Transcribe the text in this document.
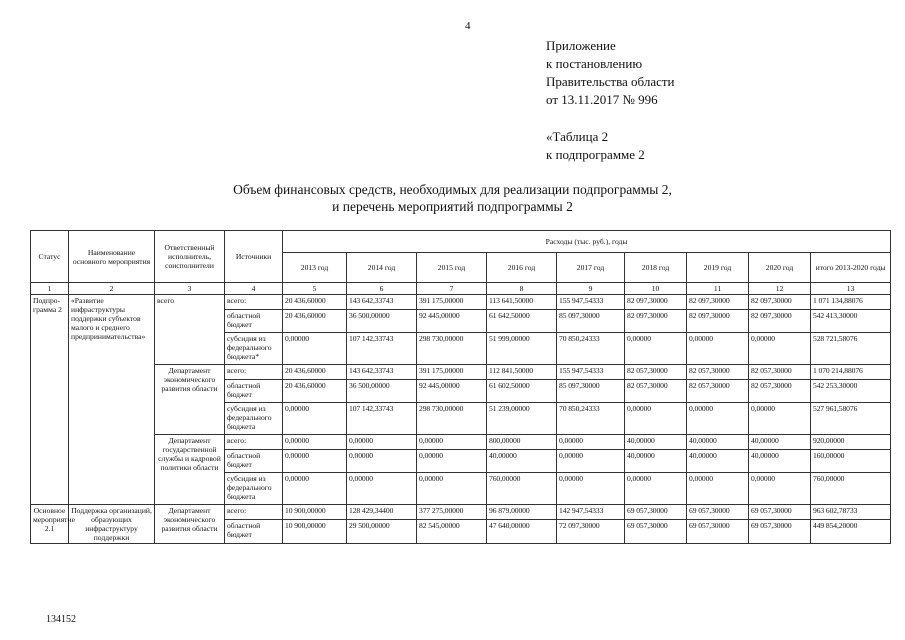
4
Приложение
к постановлению
Правительства области
от 13.11.2017 № 996
«Таблица 2
к подпрограмме 2
Объем финансовых средств, необходимых для реализации подпрограммы 2,
и перечень мероприятий подпрограммы 2
Статус	Наименование основного мероприятия	Ответственный исполнитель, соисполнители	Источники	Расходы (тыс. руб.), годы								
				2013 год	2014 год	2015 год	2016 год	2017 год	2018 год	2019 год	2020 год	итого 2013-2020 годы
1	2	3	4	5	6	7	8	9	10	11	12	13
Подпро-грамма 2	«Развитие инфраструктуры поддержки субъектов малого и среднего предпринимательства»	всего	всего:	20 436,60000	143 642,33743	391 175,00000	113 641,50000	155 947,54333	82 097,30000	82 097,30000	82 097,30000	1 071 134,88076
			областной бюджет	20 436,60000	36 500,00000	92 445,00000	61 642,50000	85 097,30000	82 097,30000	82 097,30000	82 097,30000	542 413,30000
			субсидия из федерального бюджета*	0,00000	107 142,33743	298 730,00000	51 999,00000	70 850,24333	0,00000	0,00000	0,00000	528 721,58076
		Департамент экономического развития области	всего:	20 436,60000	143 642,33743	391 175,00000	112 841,50000	155 947,54333	82 057,30000	82 057,30000	82 057,30000	1 070 214,88076
			областной бюджет	20 436,60000	36 500,00000	92 445,00000	61 602,50000	85 097,30000	82 057,30000	82 057,30000	82 057,30000	542 253,30000
			субсидия из федерального бюджета	0,00000	107 142,33743	298 730,00000	51 239,00000	70 850,24333	0,00000	0,00000	0,00000	527 961,58076
		Департамент государственной службы и кадровой политики области	всего:	0,00000	0,00000	0,00000	800,00000	0,00000	40,00000	40,00000	40,00000	920,00000
			областной бюджет	0,00000	0,00000	0,00000	40,00000	0,00000	40,00000	40,00000	40,00000	160,00000
			субсидия из федерального бюджета	0,00000	0,00000	0,00000	760,00000	0,00000	0,00000	0,00000	0,00000	760,00000
Основное мероприятие 2.1	Поддержка организаций, образующих инфраструктуру поддержки	Департамент экономического развития области	всего:	10 900,00000	128 429,34400	377 275,00000	96 879,00000	142 947,54333	69 057,30000	69 057,30000	69 057,30000	963 602,78733
			областной бюджет	10 900,00000	29 500,00000	82 545,00000	47 640,00000	72 097,30000	69 057,30000	69 057,30000	69 057,30000	449 854,20000
134152
